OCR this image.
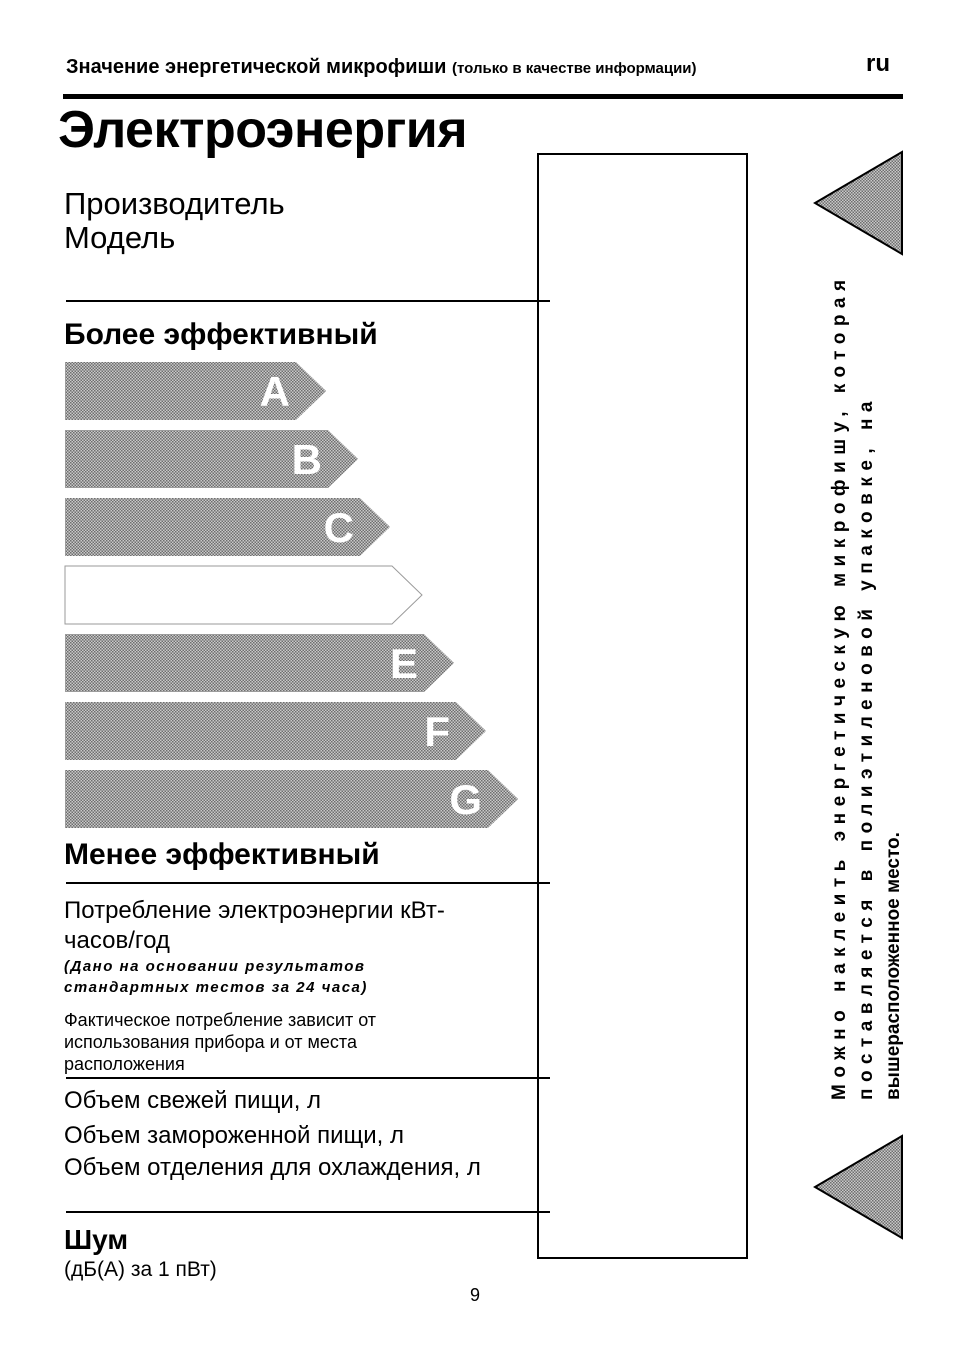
Значение энергетической микрофиши (только в качестве информации)	ru
Электроэнергия
Производитель
Модель
Более эффективный
A
B
C
E
F
G
Менее эффективный
Потребление электроэнергии кВт-
часов/год
(Дано на основании результатов
стандартных тестов за 24 часа)
Фактическое потребление зависит от
использования прибора и от места
расположения
Объем свежей пищи, л
Объем замороженной пищи, л
Объем отделения для охлаждения, л
Шум
(дБ(A) за 1 пВт)
9
Можно наклеить энергетическую микрофишу, которая поставляется в полиэтиленовой упаковке, на вышерасположенное место.
